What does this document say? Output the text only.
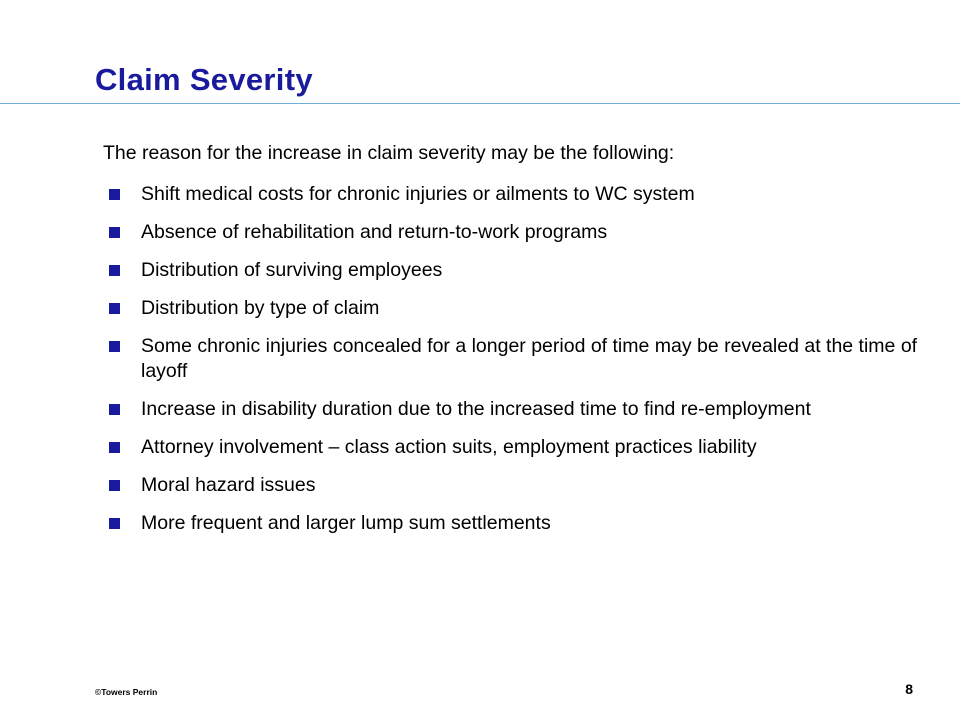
Claim Severity

The reason for the increase in claim severity may be the following:

Shift medical costs for chronic injuries or ailments to WC system
Absence of rehabilitation and return-to-work programs
Distribution of surviving employees
Distribution by type of claim
Some chronic injuries concealed for a longer period of time may be revealed at the time of layoff
Increase in disability duration due to the increased time to find re-employment
Attorney involvement – class action suits, employment practices liability
Moral hazard issues
More frequent and larger lump sum settlements
©Towers Perrin	8
